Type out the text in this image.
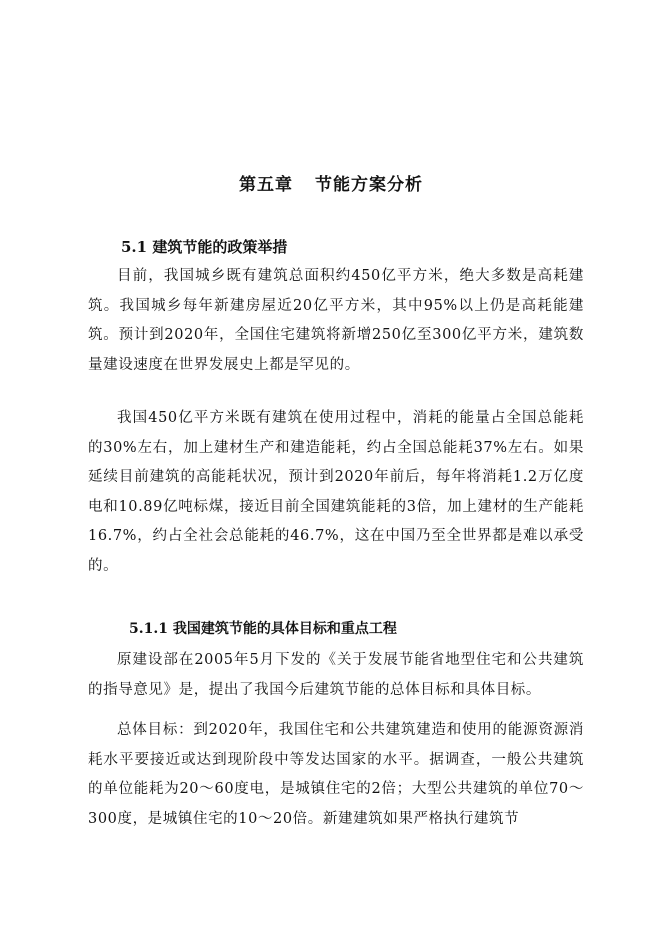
第五章 节能方案分析
5.1 建筑节能的政策举措

目前，我国城乡既有建筑总面积约450亿平方米，绝大多数是高耗建筑。我国城乡每年新建房屋近20亿平方米，其中95%以上仍是高耗能建筑。预计到2020年，全国住宅建筑将新增250亿至300亿平方米，建筑数量建设速度在世界发展史上都是罕见的。

我国450亿平方米既有建筑在使用过程中，消耗的能量占全国总能耗的30%左右，加上建材生产和建造能耗，约占全国总能耗37%左右。如果延续目前建筑的高能耗状况，预计到2020年前后，每年将消耗1.2万亿度电和10.89亿吨标煤，接近目前全国建筑能耗的3倍，加上建材的生产能耗16.7%，约占全社会总能耗的46.7%，这在中国乃至全世界都是难以承受的。

5.1.1 我国建筑节能的具体目标和重点工程

原建设部在2005年5月下发的《关于发展节能省地型住宅和公共建筑的指导意见》是，提出了我国今后建筑节能的总体目标和具体目标。

总体目标：到2020年，我国住宅和公共建筑建造和使用的能源资源消耗水平要接近或达到现阶段中等发达国家的水平。据调查，一般公共建筑的单位能耗为20～60度电，是城镇住宅的2倍；大型公共建筑的单位70～300度，是城镇住宅的10～20倍。新建建筑如果严格执行建筑节
